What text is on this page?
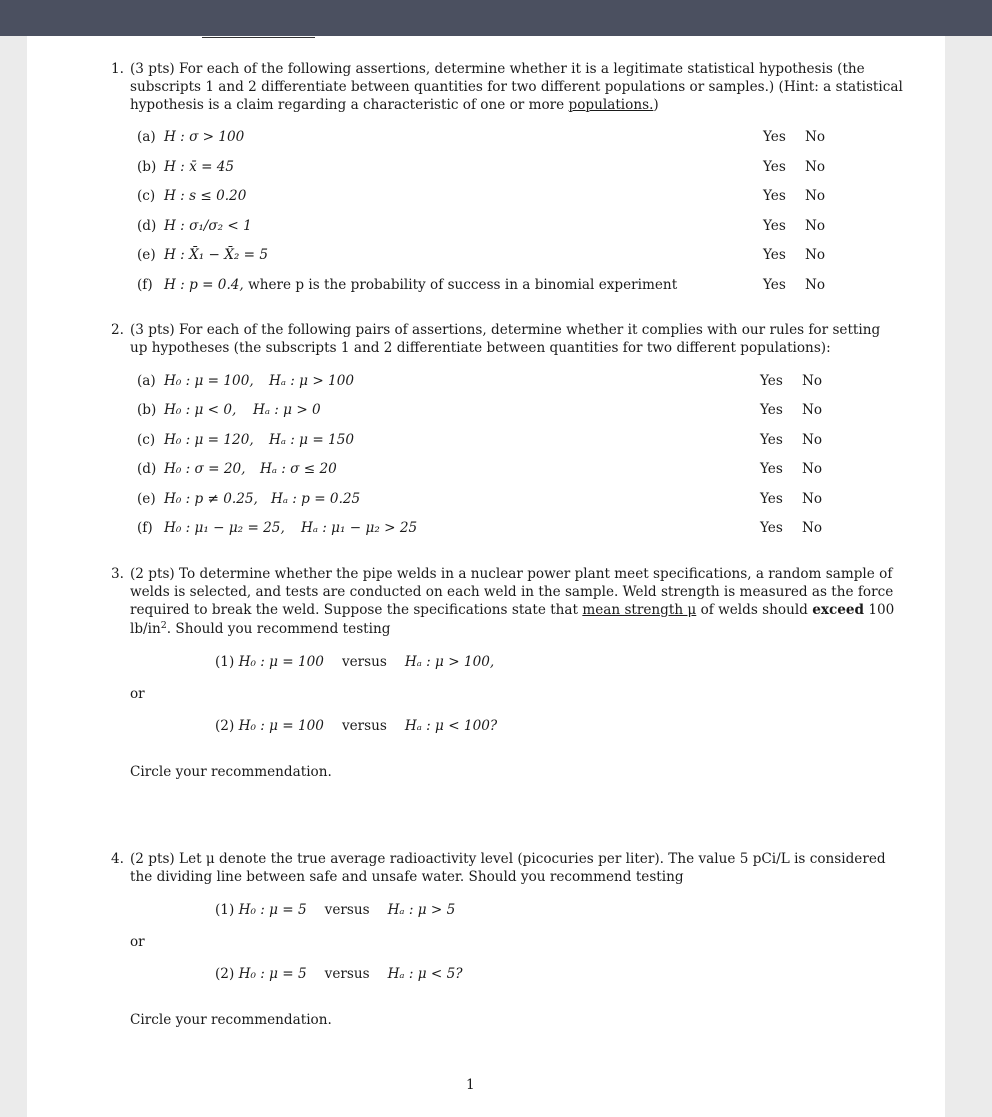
1. (3 pts) For each of the following assertions, determine whether it is a legitimate statistical hypothesis (the
subscripts 1 and 2 differentiate between quantities for two different populations or samples.) (Hint: a statistical
hypothesis is a claim regarding a characteristic of one or more populations.)
(a) H : σ > 100	Yes No
(b) H : x̄ = 45	Yes No
(c) H : s ≤ 0.20	Yes No
(d) H : σ₁/σ₂ < 1	Yes No
(e) H : X̄₁ − X̄₂ = 5	Yes No
(f) H : p = 0.4, where p is the probability of success in a binomial experiment	Yes No
2. (3 pts) For each of the following pairs of assertions, determine whether it complies with our rules for setting
up hypotheses (the subscripts 1 and 2 differentiate between quantities for two different populations):
(a) H₀ : μ = 100, Hₐ : μ > 100	Yes No
(b) H₀ : μ < 0, Hₐ : μ > 0	Yes No
(c) H₀ : μ = 120, Hₐ : μ = 150	Yes No
(d) H₀ : σ = 20, Hₐ : σ ≤ 20	Yes No
(e) H₀ : p ≠ 0.25, Hₐ : p = 0.25	Yes No
(f) H₀ : μ₁ − μ₂ = 25, Hₐ : μ₁ − μ₂ > 25	Yes No
3. (2 pts) To determine whether the pipe welds in a nuclear power plant meet specifications, a random sample of
welds is selected, and tests are conducted on each weld in the sample. Weld strength is measured as the force
required to break the weld. Suppose the specifications state that mean strength μ of welds should exceed 100
$lb/in^2$. Should you recommend testing
(1) H₀ : μ = 100 versus Hₐ : μ > 100,
or
(2) H₀ : μ = 100 versus Hₐ : μ < 100?
Circle your recommendation.
4. (2 pts) Let μ denote the true average radioactivity level (picocuries per liter). The value 5 pCi/L is considered
the dividing line between safe and unsafe water. Should you recommend testing
(1) H₀ : μ = 5 versus Hₐ : μ > 5
or
(2) H₀ : μ = 5 versus Hₐ : μ < 5?
Circle your recommendation.
1
